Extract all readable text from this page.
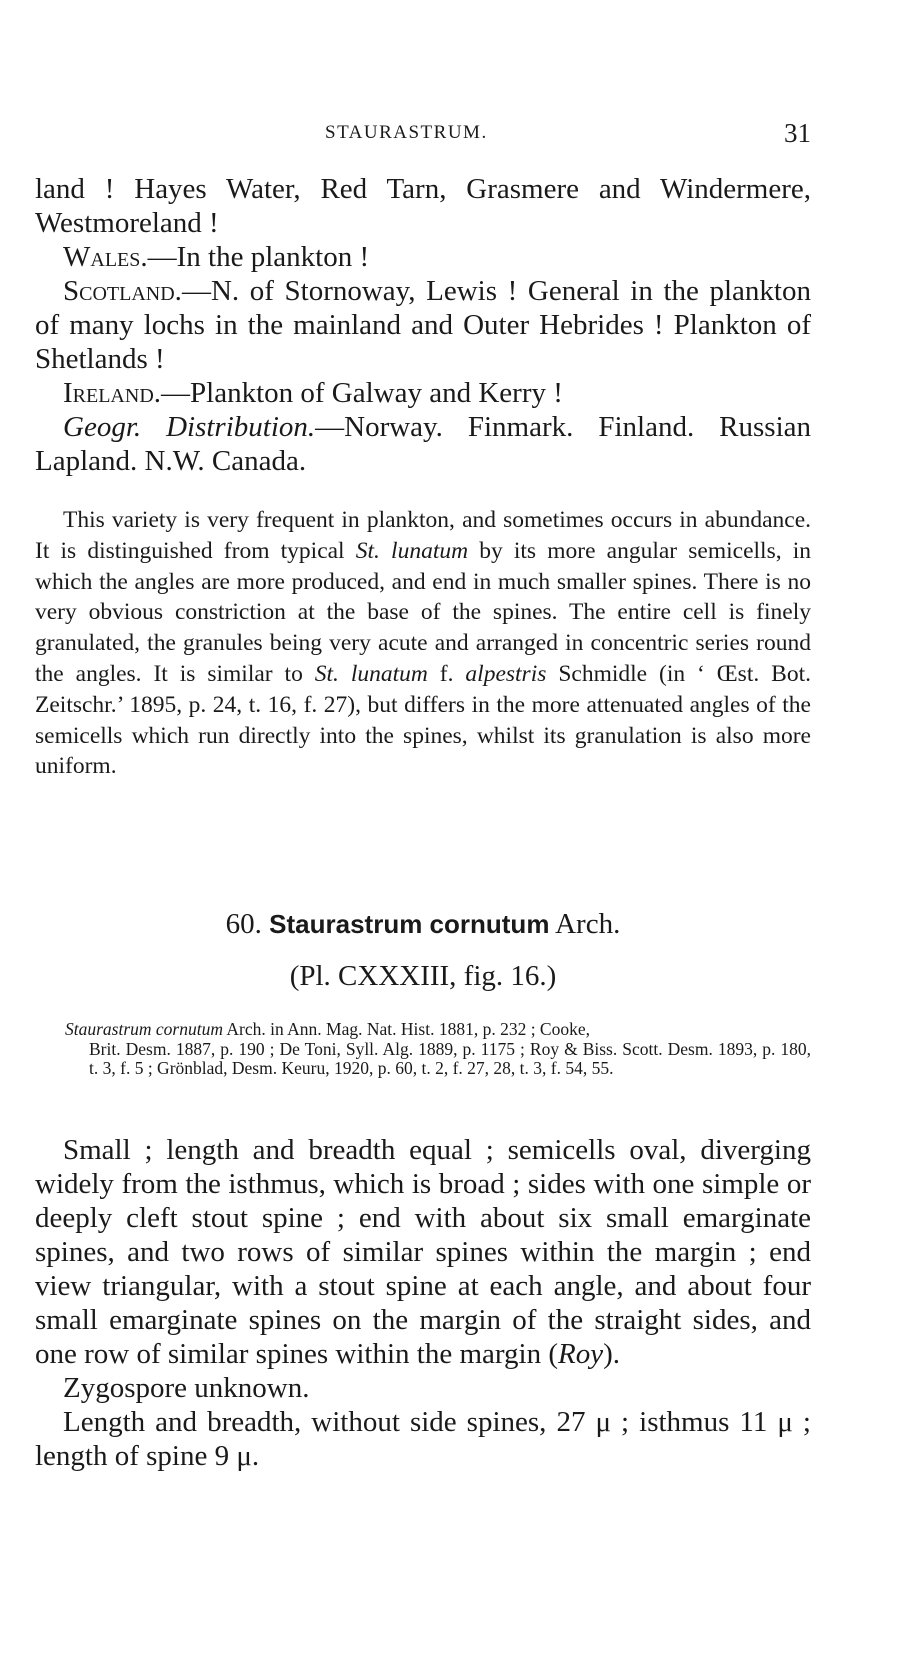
STAURASTRUM.	31

land ! Hayes Water, Red Tarn, Grasmere and Windermere, Westmoreland !

Wales.—In the plankton !

Scotland.—N. of Stornoway, Lewis ! General in the plankton of many lochs in the mainland and Outer Hebrides ! Plankton of Shetlands !

Ireland.—Plankton of Galway and Kerry !

Geogr. Distribution.—Norway. Finmark. Finland. Russian Lapland. N.W. Canada.

This variety is very frequent in plankton, and sometimes occurs in abundance. It is distinguished from typical St. lunatum by its more angular semicells, in which the angles are more produced, and end in much smaller spines. There is no very obvious constriction at the base of the spines. The entire cell is finely granulated, the granules being very acute and arranged in concentric series round the angles. It is similar to St. lunatum f. alpestris Schmidle (in ‘ Œst. Bot. Zeitschr.’ 1895, p. 24, t. 16, f. 27), but differs in the more attenuated angles of the semicells which run directly into the spines, whilst its granulation is also more uniform.

60. Staurastrum cornutum Arch.
(Pl. CXXXIII, fig. 16.)

Staurastrum cornutum Arch. in Ann. Mag. Nat. Hist. 1881, p. 232 ; Cooke,

Brit. Desm. 1887, p. 190 ; De Toni, Syll. Alg. 1889, p. 1175 ; Roy & Biss. Scott. Desm. 1893, p. 180, t. 3, f. 5 ; Grönblad, Desm. Keuru, 1920, p. 60, t. 2, f. 27, 28, t. 3, f. 54, 55.

Small ; length and breadth equal ; semicells oval, diverging widely from the isthmus, which is broad ; sides with one simple or deeply cleft stout spine ; end with about six small emarginate spines, and two rows of similar spines within the margin ; end view triangular, with a stout spine at each angle, and about four small emarginate spines on the margin of the straight sides, and one row of similar spines within the margin (Roy).

Zygospore unknown.

Length and breadth, without side spines, 27 μ ; isthmus 11 μ ; length of spine 9 μ.
